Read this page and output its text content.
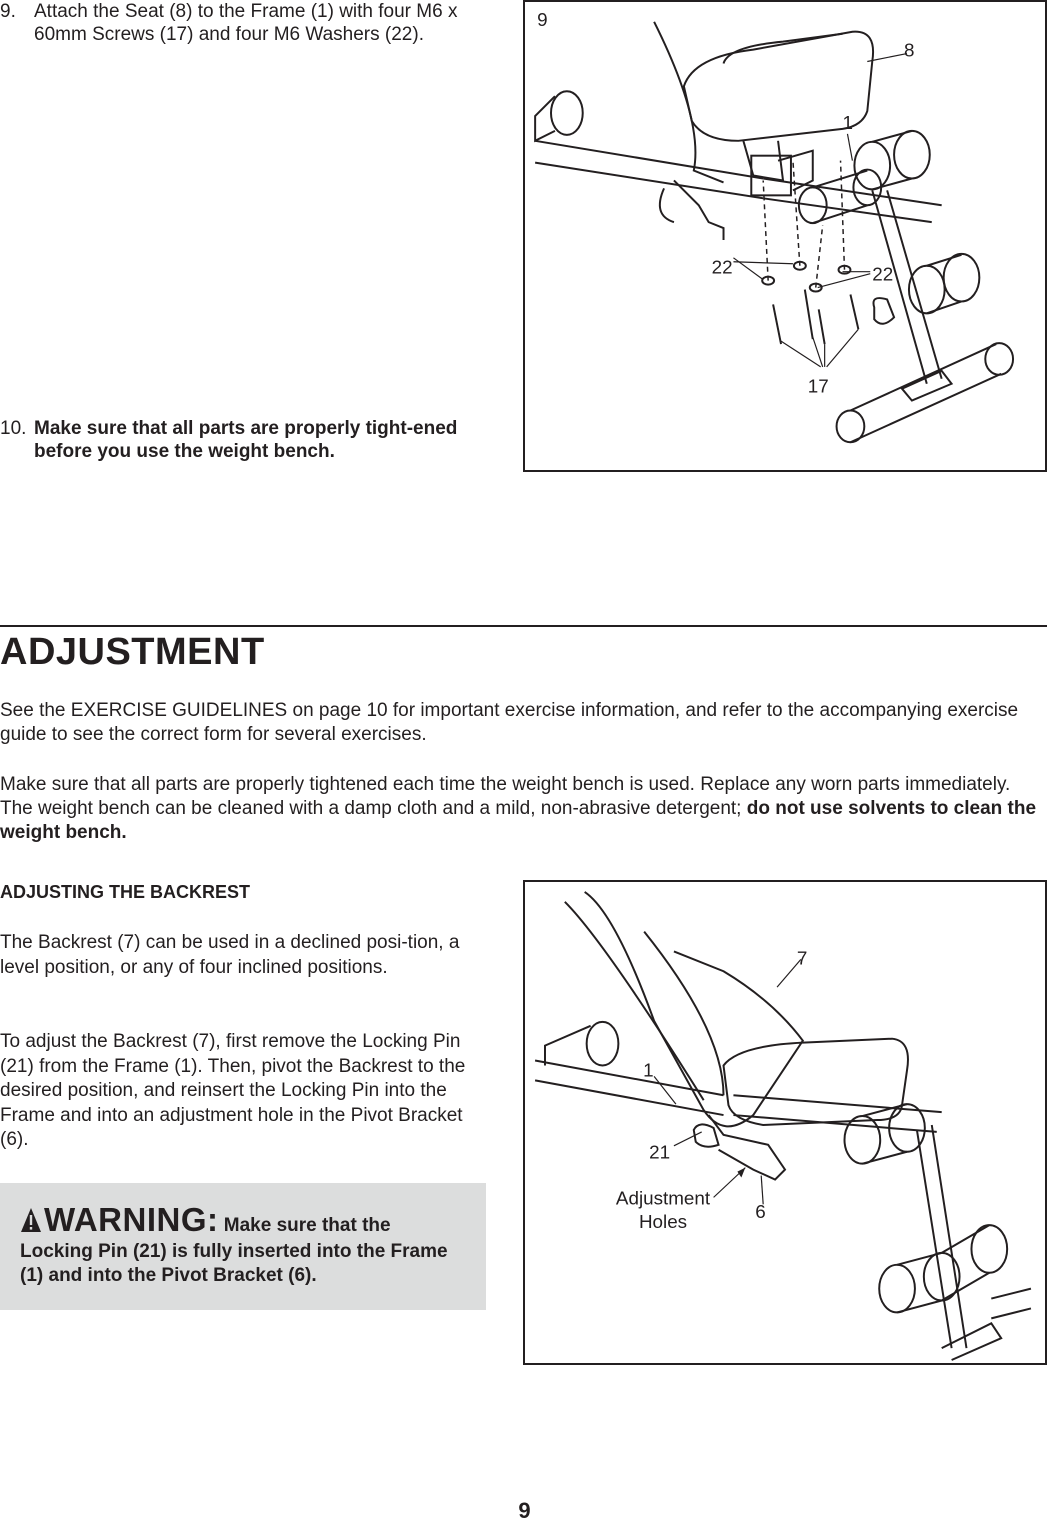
9. Attach the Seat (8) to the Frame (1) with four M6 x 60mm Screws (17) and four M6 Washers (22).
10. Make sure that all parts are properly tight-ened before you use the weight bench.
9
8
1
22	22
17
ADJUSTMENT

See the EXERCISE GUIDELINES on page 10 for important exercise information, and refer to the accompanying exercise guide to see the correct form for several exercises.

Make sure that all parts are properly tightened each time the weight bench is used. Replace any worn parts immediately. The weight bench can be cleaned with a damp cloth and a mild, non-abrasive detergent; do not use solvents to clean the weight bench.

ADJUSTING THE BACKREST

The Backrest (7) can be used in a declined posi-tion, a level position, or any of four inclined positions.

To adjust the Backrest (7), first remove the Locking Pin (21) from the Frame (1). Then, pivot the Backrest to the desired position, and reinsert the Locking Pin into the Frame and into an adjustment hole in the Pivot Bracket (6).

WARNING: Make sure that the Locking Pin (21) is fully inserted into the Frame (1) and into the Pivot Bracket (6).
7
1
21
Adjustment
Holes	6
9
